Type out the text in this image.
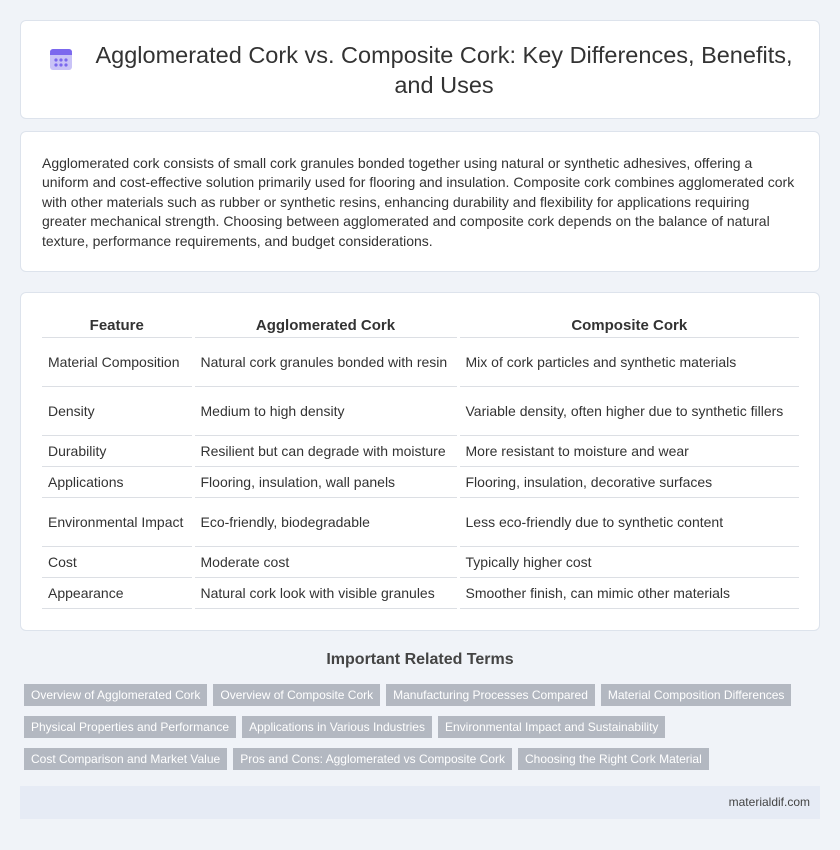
Agglomerated Cork vs. Composite Cork: Key Differences, Benefits, and Uses

Agglomerated cork consists of small cork granules bonded together using natural or synthetic adhesives, offering a uniform and cost-effective solution primarily used for flooring and insulation. Composite cork combines agglomerated cork with other materials such as rubber or synthetic resins, enhancing durability and flexibility for applications requiring greater mechanical strength. Choosing between agglomerated and composite cork depends on the balance of natural texture, performance requirements, and budget considerations.

Feature	Agglomerated Cork	Composite Cork
Material Composition	Natural cork granules bonded with resin	Mix of cork particles and synthetic materials
Density	Medium to high density	Variable density, often higher due to synthetic fillers
Durability	Resilient but can degrade with moisture	More resistant to moisture and wear
Applications	Flooring, insulation, wall panels	Flooring, insulation, decorative surfaces
Environmental Impact	Eco-friendly, biodegradable	Less eco-friendly due to synthetic content
Cost	Moderate cost	Typically higher cost
Appearance	Natural cork look with visible granules	Smoother finish, can mimic other materials
Important Related Terms
Overview of Agglomerated Cork	Overview of Composite Cork	Manufacturing Processes Compared	Material Composition Differences
Physical Properties and Performance	Applications in Various Industries	Environmental Impact and Sustainability
Cost Comparison and Market Value	Pros and Cons: Agglomerated vs Composite Cork	Choosing the Right Cork Material
materialdif.com
